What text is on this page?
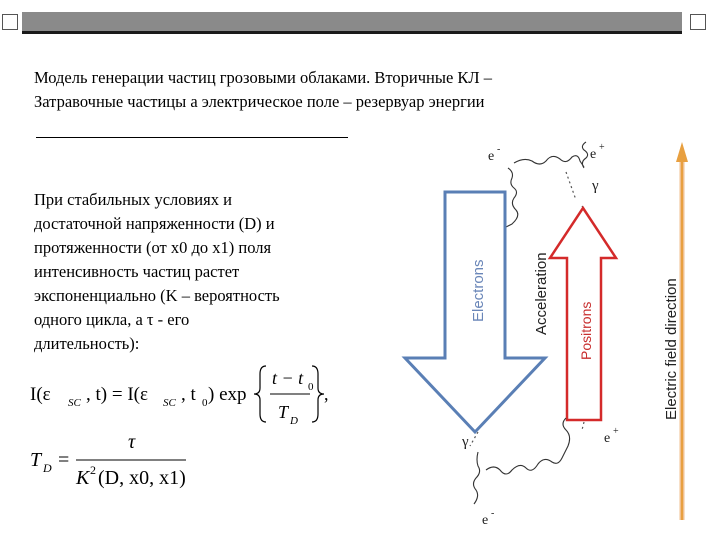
Модель генерации частиц грозовыми облаками. Вторичные КЛ –
Затравочные частицы а электрическое поле – резервуар энергии
При стабильных условиях и
достаточной напряженности (D) и
протяженности (от x0 до x1) поля
интенсивность частиц растет
экспоненциально (K – вероятность
одного цикла, а τ - его
длительность):
I(ε SC , t) = I(ε SC , t 0 ) exp
t − t 0
T D
,
T D =
τ
K 2 (D, x0, x1)
e -	e +
γ
Electrons	Acceleration Positrons	Electric field direction
γ	e +
e -
